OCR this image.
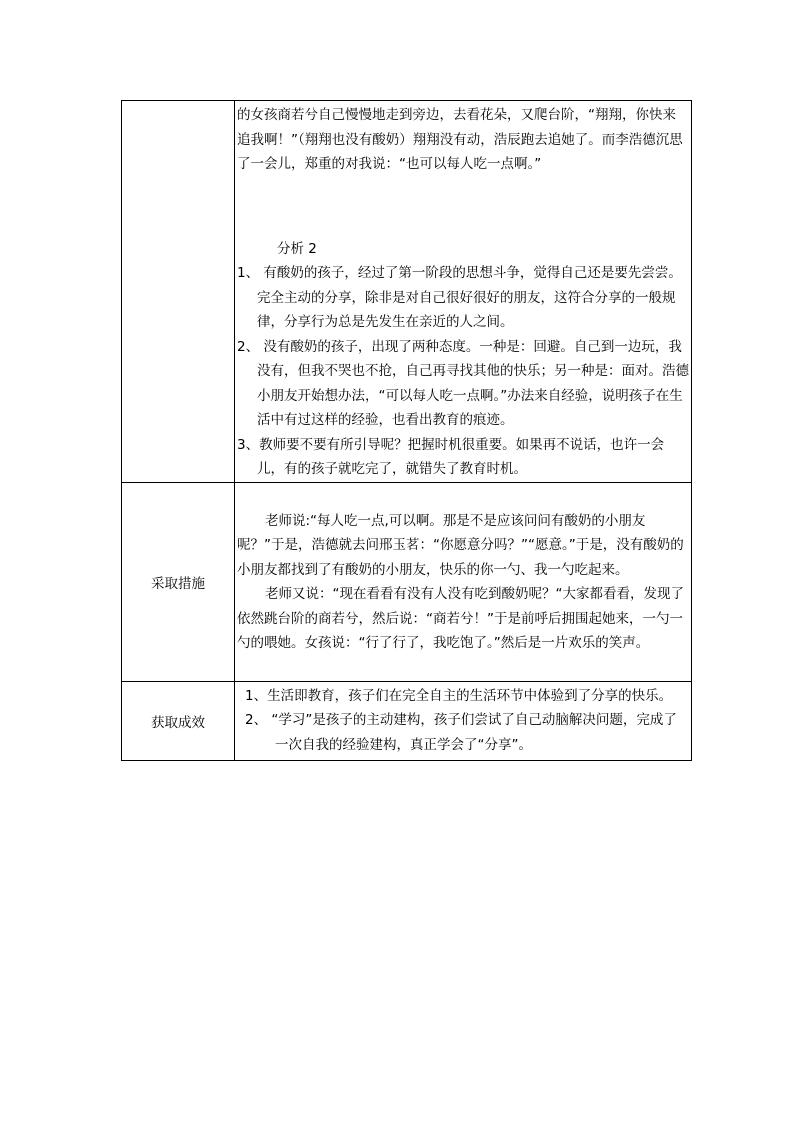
	的女孩商若兮自己慢慢地走到旁边，去看花朵，又爬台阶，“翔翔，你快来追我啊！”（翔翔也没有酸奶）翔翔没有动，浩辰跑去追她了。而李浩德沉思了一会儿，郑重的对我说：“也可以每人吃一点啊。”

分析 2

1、 有酸奶的孩子，经过了第一阶段的思想斗争，觉得自己还是要先尝尝。完全主动的分享，除非是对自己很好很好的朋友，这符合分享的一般规律，分享行为总是先发生在亲近的人之间。

2、 没有酸奶的孩子，出现了两种态度。一种是：回避。自己到一边玩，我没有，但我不哭也不抢，自己再寻找其他的快乐；另一种是：面对。浩德小朋友开始想办法，“可以每人吃一点啊。”办法来自经验，说明孩子在生活中有过这样的经验，也看出教育的痕迹。

3、教师要不要有所引导呢？把握时机很重要。如果再不说话，也许一会儿，有的孩子就吃完了，就错失了教育时机。

采取措施	老师说:“每人吃一点,可以啊。那是不是应该问问有酸奶的小朋友呢？”于是，浩德就去问邢玉茗：“你愿意分吗？”“愿意。”于是，没有酸奶的小朋友都找到了有酸奶的小朋友，快乐的你一勺、我一勺吃起来。

老师又说：“现在看看有没有人没有吃到酸奶呢？“大家都看看，发现了依然跳台阶的商若兮，然后说：“商若兮！”于是前呼后拥围起她来，一勺一勺的喂她。女孩说：“行了行了，我吃饱了。”然后是一片欢乐的笑声。

获取成效	1、生活即教育，孩子们在完全自主的生活环节中体验到了分享的快乐。

2、 “学习”是孩子的主动建构，孩子们尝试了自己动脑解决问题，完成了一次自我的经验建构，真正学会了“分享”。
